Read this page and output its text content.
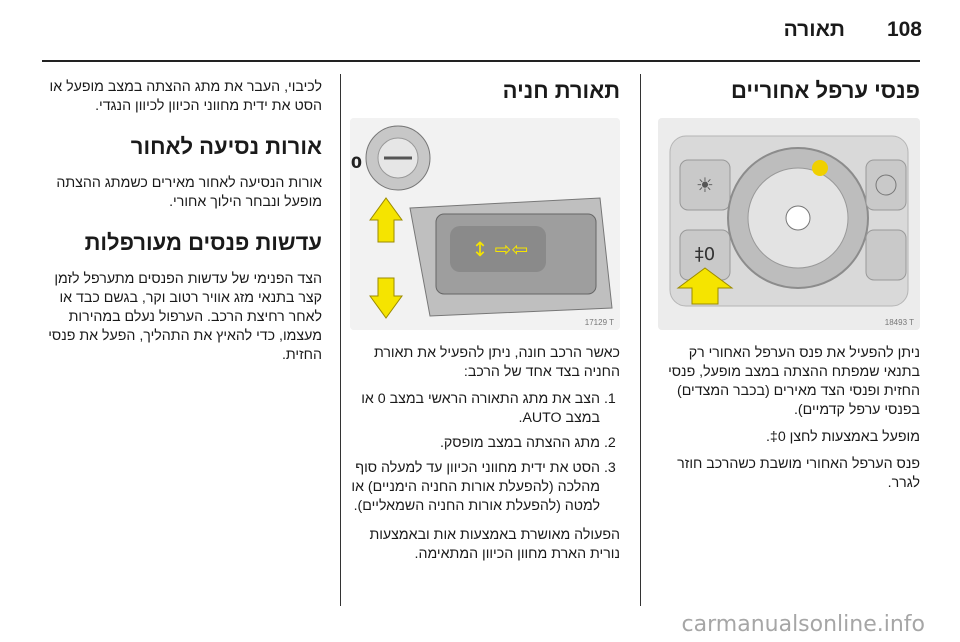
108
תאורה
פנסי ערפל אחוריים
☀
0‡
18493 T

ניתן להפעיל את פנס הערפל האחורי רק בתנאי שמפתח ההצתה במצב מופעל, פנסי החזית ופנסי הצד מאירים (בכבר המצדים) בפנסי ערפל קדמיים).

מופעל באמצעות לחצן ‎0‡.

פנס הערפל האחורי מושבת כשהרכב חוזר לגרר.

תאורת חניה
0
⇦⇨ ↕
17129 T

כאשר הרכב חונה, ניתן להפעיל את תאורת החניה בצד אחד של הרכב:

1. הצב את מתג התאורה הראשי במצב 0 או במצב AUTO.
2. מתג ההצתה במצב מופסק.
3. הסט את ידית מחווני הכיוון עד למעלה סוף מהלכה (להפעלת אורות החניה הימניים) או למטה (להפעלת אורות החניה השמאליים).

הפעולה מאושרת באמצעות אות ובאמצעות נורית הארת מחוון הכיוון המתאימה.

לכיבוי, העבר את מתג ההצתה במצב מופעל או הסט את ידית מחווני הכיוון לכיוון הנגדי.

אורות נסיעה לאחור

אורות הנסיעה לאחור מאירים כשמתג ההצתה מופעל ונבחר הילוך אחורי.

עדשות פנסים מעורפלות

הצד הפנימי של עדשות הפנסים מתערפל לזמן קצר בתנאי מזג אוויר רטוב וקר, בגשם כבד או לאחר רחיצת הרכב. הערפול נעלם במהירות מעצמו, כדי להאיץ את התהליך, הפעל את פנסי החזית.

carmanualsonline.info
